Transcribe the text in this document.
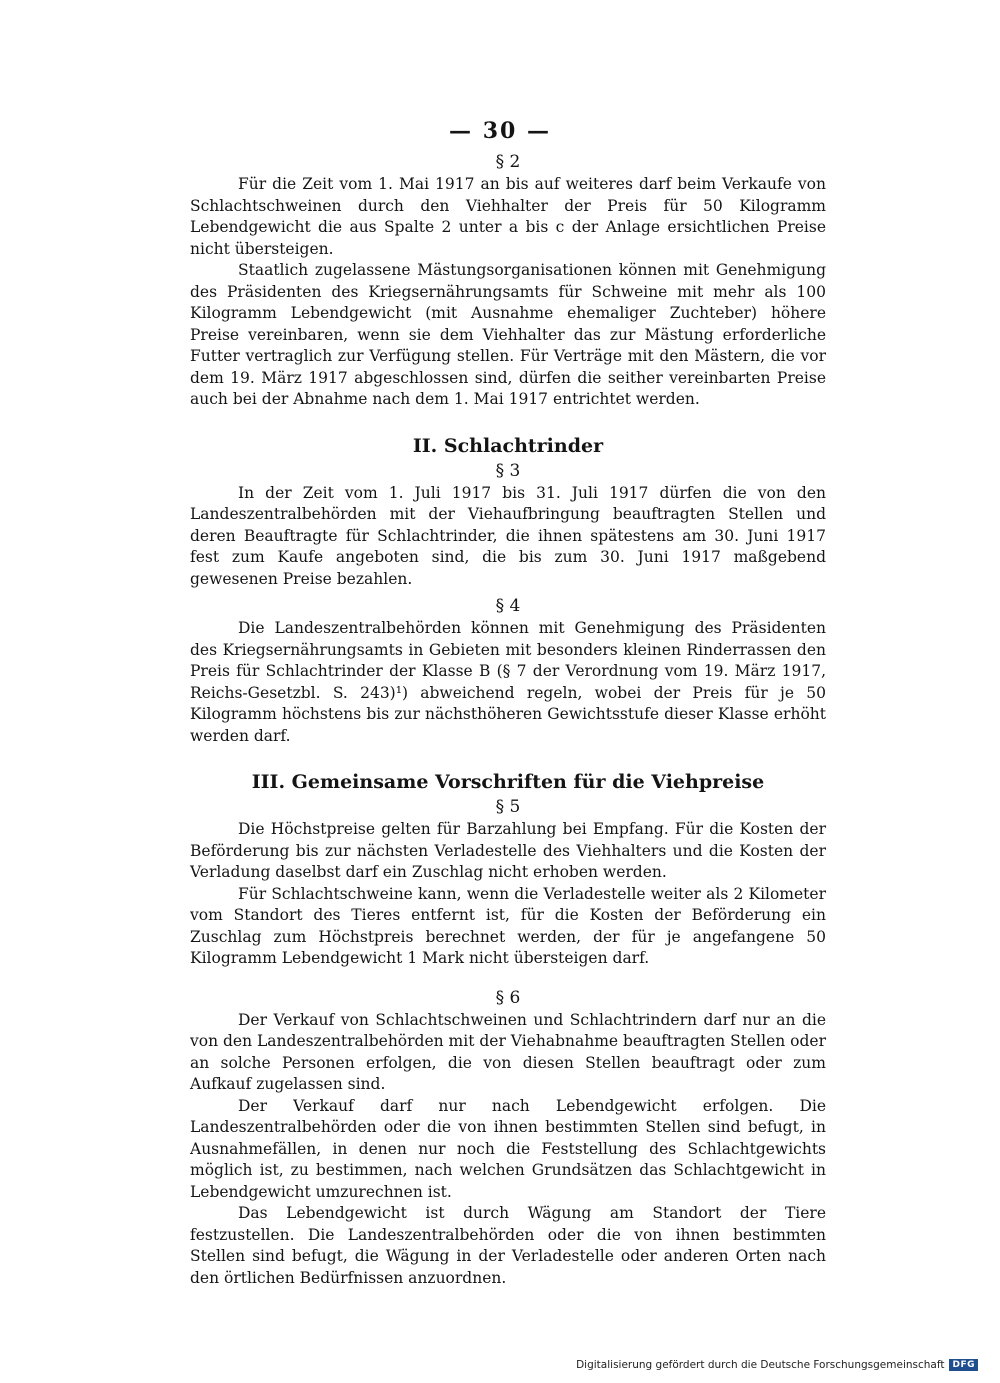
— 30 —
§ 2

Für die Zeit vom 1. Mai 1917 an bis auf weiteres darf beim Verkaufe von Schlachtschweinen durch den Viehhalter der Preis für 50 Kilogramm Lebendgewicht die aus Spalte 2 unter a bis c der Anlage ersichtlichen Preise nicht übersteigen.

Staatlich zugelassene Mästungsorganisationen können mit Genehmigung des Präsidenten des Kriegsernährungsamts für Schweine mit mehr als 100 Kilogramm Lebendgewicht (mit Ausnahme ehemaliger Zuchteber) höhere Preise vereinbaren, wenn sie dem Viehhalter das zur Mästung erforderliche Futter vertraglich zur Verfügung stellen. Für Verträge mit den Mästern, die vor dem 19. März 1917 abgeschlossen sind, dürfen die seither vereinbarten Preise auch bei der Abnahme nach dem 1. Mai 1917 entrichtet werden.

II. Schlachtrinder
§ 3

In der Zeit vom 1. Juli 1917 bis 31. Juli 1917 dürfen die von den Landeszentralbehörden mit der Viehaufbringung beauftragten Stellen und deren Beauftragte für Schlachtrinder, die ihnen spätestens am 30. Juni 1917 fest zum Kaufe angeboten sind, die bis zum 30. Juni 1917 maßgebend gewesenen Preise bezahlen.

§ 4

Die Landeszentralbehörden können mit Genehmigung des Präsidenten des Kriegsernährungsamts in Gebieten mit besonders kleinen Rinderrassen den Preis für Schlachtrinder der Klasse B (§ 7 der Verordnung vom 19. März 1917, Reichs-Gesetzbl. S. 243)¹) abweichend regeln, wobei der Preis für je 50 Kilogramm höchstens bis zur nächsthöheren Gewichtsstufe dieser Klasse erhöht werden darf.

III. Gemeinsame Vorschriften für die Viehpreise
§ 5

Die Höchstpreise gelten für Barzahlung bei Empfang. Für die Kosten der Beförderung bis zur nächsten Verladestelle des Viehhalters und die Kosten der Verladung daselbst darf ein Zuschlag nicht erhoben werden.

Für Schlachtschweine kann, wenn die Verladestelle weiter als 2 Kilometer vom Standort des Tieres entfernt ist, für die Kosten der Beförderung ein Zuschlag zum Höchstpreis berechnet werden, der für je angefangene 50 Kilogramm Lebendgewicht 1 Mark nicht übersteigen darf.

§ 6

Der Verkauf von Schlachtschweinen und Schlachtrindern darf nur an die von den Landeszentralbehörden mit der Viehabnahme beauftragten Stellen oder an solche Personen erfolgen, die von diesen Stellen beauftragt oder zum Aufkauf zugelassen sind.

Der Verkauf darf nur nach Lebendgewicht erfolgen. Die Landeszentralbehörden oder die von ihnen bestimmten Stellen sind befugt, in Ausnahmefällen, in denen nur noch die Feststellung des Schlachtgewichts möglich ist, zu bestimmen, nach welchen Grundsätzen das Schlachtgewicht in Lebendgewicht umzurechnen ist.

Das Lebendgewicht ist durch Wägung am Standort der Tiere festzustellen. Die Landeszentralbehörden oder die von ihnen bestimmten Stellen sind befugt, die Wägung in der Verladestelle oder anderen Orten nach den örtlichen Bedürfnissen anzuordnen.

Digitalisierung gefördert durch die Deutsche Forschungsgemeinschaft DFG
